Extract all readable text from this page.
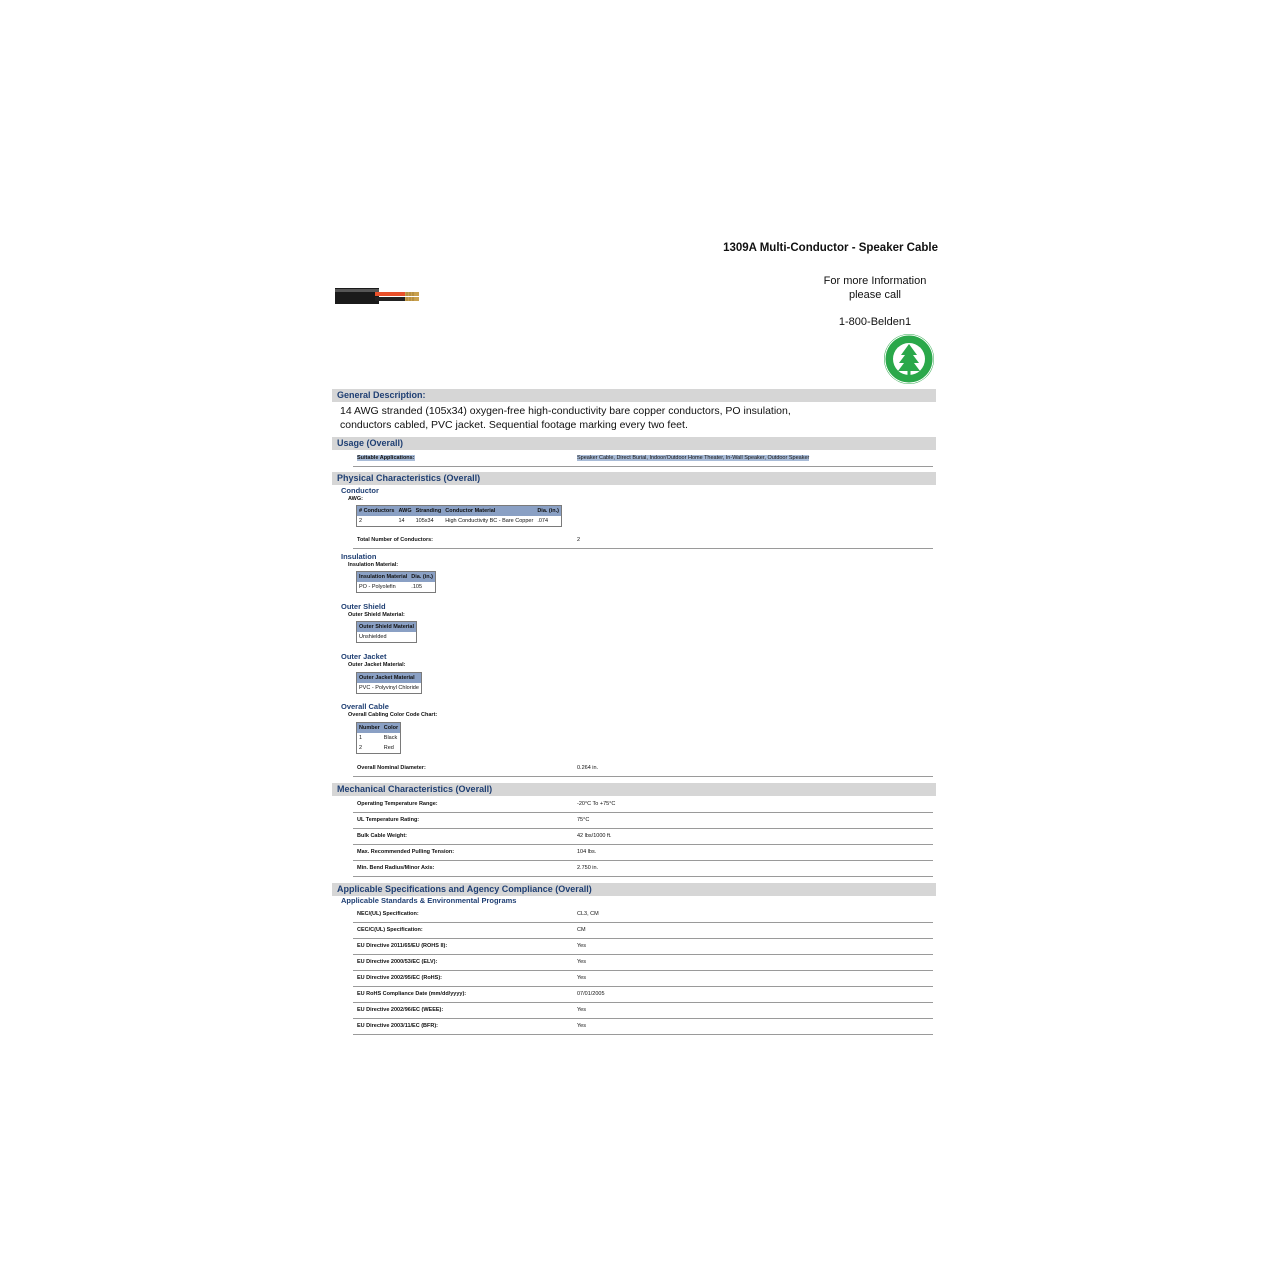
1309A Multi-Conductor - Speaker Cable
For more Information
please call
1-800-Belden1
General Description:
14 AWG stranded (105x34) oxygen-free high-conductivity bare copper conductors, PO insulation,
conductors cabled, PVC jacket. Sequential footage marking every two feet.
Usage (Overall)
Suitable Applications:	Speaker Cable, Direct Burial, Indoor/Outdoor Home Theater, In-Wall Speaker, Outdoor Speaker
Physical Characteristics (Overall)
Conductor
AWG:
# Conductors	AWG	Stranding	Conductor Material	Dia. (in.)
2	14	105x34	High Conductivity BC - Bare Copper	.074
Total Number of Conductors:	2
Insulation
Insulation Material:
Insulation Material	Dia. (in.)
PO - Polyolefin	.105
Outer Shield
Outer Shield Material:
Outer Shield Material
Unshielded
Outer Jacket
Outer Jacket Material:
Outer Jacket Material
PVC - Polyvinyl Chloride
Overall Cable
Overall Cabling Color Code Chart:
Number	Color
1	Black
2	Red
Overall Nominal Diameter:	0.264 in.
Mechanical Characteristics (Overall)
Operating Temperature Range:	-20°C To +75°C
UL Temperature Rating:	75°C
Bulk Cable Weight:	42 lbs/1000 ft.
Max. Recommended Pulling Tension:	104 lbs.
Min. Bend Radius/Minor Axis:	2.750 in.
Applicable Specifications and Agency Compliance (Overall)
Applicable Standards & Environmental Programs
NEC/(UL) Specification:	CL3, CM
CEC/C(UL) Specification:	CM
EU Directive 2011/65/EU (ROHS II):	Yes
EU Directive 2000/53/EC (ELV):	Yes
EU Directive 2002/95/EC (RoHS):	Yes
EU RoHS Compliance Date (mm/dd/yyyy):	07/01/2005
EU Directive 2002/96/EC (WEEE):	Yes
EU Directive 2003/11/EC (BFR):	Yes
